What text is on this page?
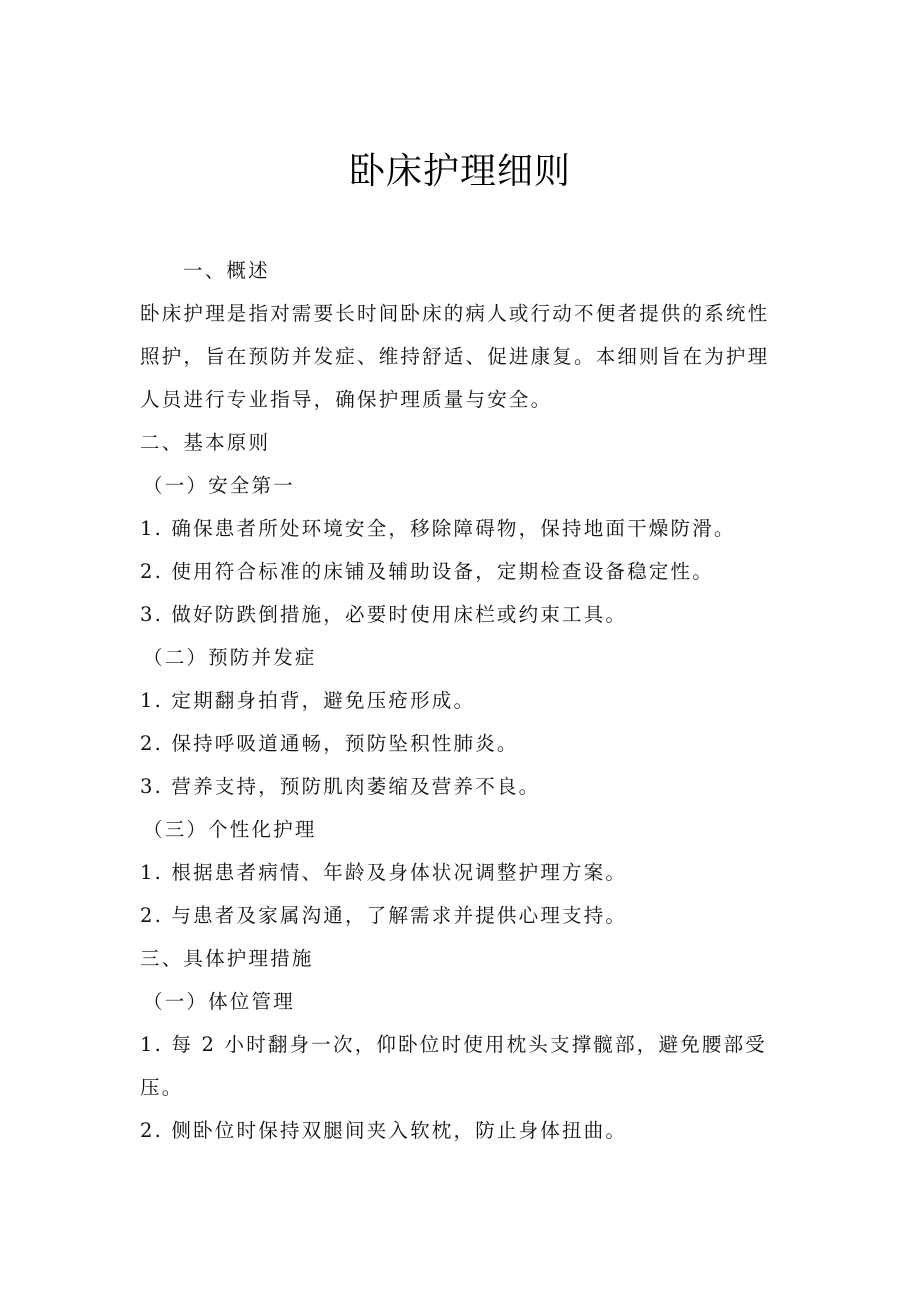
卧床护理细则
一、概述
卧床护理是指对需要长时间卧床的病人或行动不便者提供的系统性
照护，旨在预防并发症、维持舒适、促进康复。本细则旨在为护理
人员进行专业指导，确保护理质量与安全。
二、基本原则
（一）安全第一
1. 确保患者所处环境安全，移除障碍物，保持地面干燥防滑。
2. 使用符合标准的床铺及辅助设备，定期检查设备稳定性。
3. 做好防跌倒措施，必要时使用床栏或约束工具。
（二）预防并发症
1. 定期翻身拍背，避免压疮形成。
2. 保持呼吸道通畅，预防坠积性肺炎。
3. 营养支持，预防肌肉萎缩及营养不良。
（三）个性化护理
1. 根据患者病情、年龄及身体状况调整护理方案。
2. 与患者及家属沟通，了解需求并提供心理支持。
三、具体护理措施
（一）体位管理
1. 每 2 小时翻身一次，仰卧位时使用枕头支撑髋部，避免腰部受
压。
2. 侧卧位时保持双腿间夹入软枕，防止身体扭曲。
